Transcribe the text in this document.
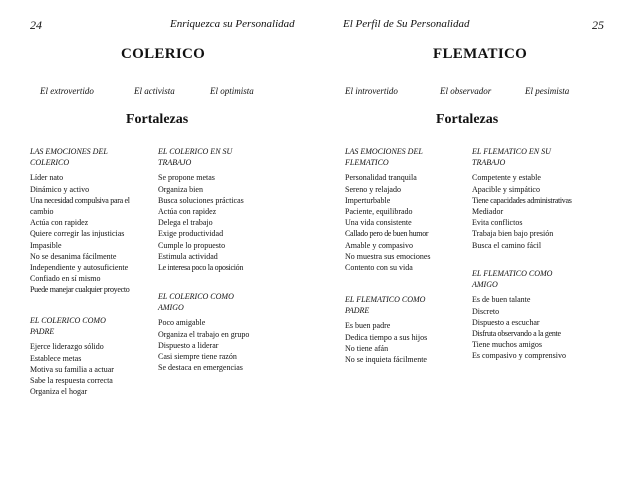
24	Enriquezca su Personalidad
COLERICO
El extrovertido	El activista	El optimista
Fortalezas
LAS EMOCIONES DEL
COLERICO
Líder nato
Dinámico y activo
Una necesidad compulsiva para el
cambio
Actúa con rapidez
Quiere corregir las injusticias
Impasible
No se desanima fácilmente
Independiente y autosuficiente
Confiado en sí mismo
Puede manejar cualquier proyecto
EL COLERICO COMO
PADRE
Ejerce liderazgo sólido
Establece metas
Motiva su familia a actuar
Sabe la respuesta correcta
Organiza el hogar
EL COLERICO EN SU
TRABAJO
Se propone metas
Organiza bien
Busca soluciones prácticas
Actúa con rapidez
Delega el trabajo
Exige productividad
Cumple lo propuesto
Estimula actividad
Le interesa poco la oposición
EL COLERICO COMO
AMIGO
Poco amigable
Organiza el trabajo en grupo
Dispuesto a liderar
Casi siempre tiene razón
Se destaca en emergencias
El Perfil de Su Personalidad	25
FLEMATICO
El introvertido	El observador	El pesimista
Fortalezas
LAS EMOCIONES DEL
FLEMATICO
Personalidad tranquila
Sereno y relajado
Imperturbable
Paciente, equilibrado
Una vida consistente
Callado pero de buen humor
Amable y compasivo
No muestra sus emociones
Contento con su vida
EL FLEMATICO COMO
PADRE
Es buen padre
Dedica tiempo a sus hijos
No tiene afán
No se inquieta fácilmente
EL FLEMATICO EN SU
TRABAJO
Competente y estable
Apacible y simpático
Tiene capacidades administrativas
Mediador
Evita conflictos
Trabaja bien bajo presión
Busca el camino fácil
EL FLEMATICO COMO
AMIGO
Es de buen talante
Discreto
Dispuesto a escuchar
Disfruta observando a la gente
Tiene muchos amigos
Es compasivo y comprensivo
